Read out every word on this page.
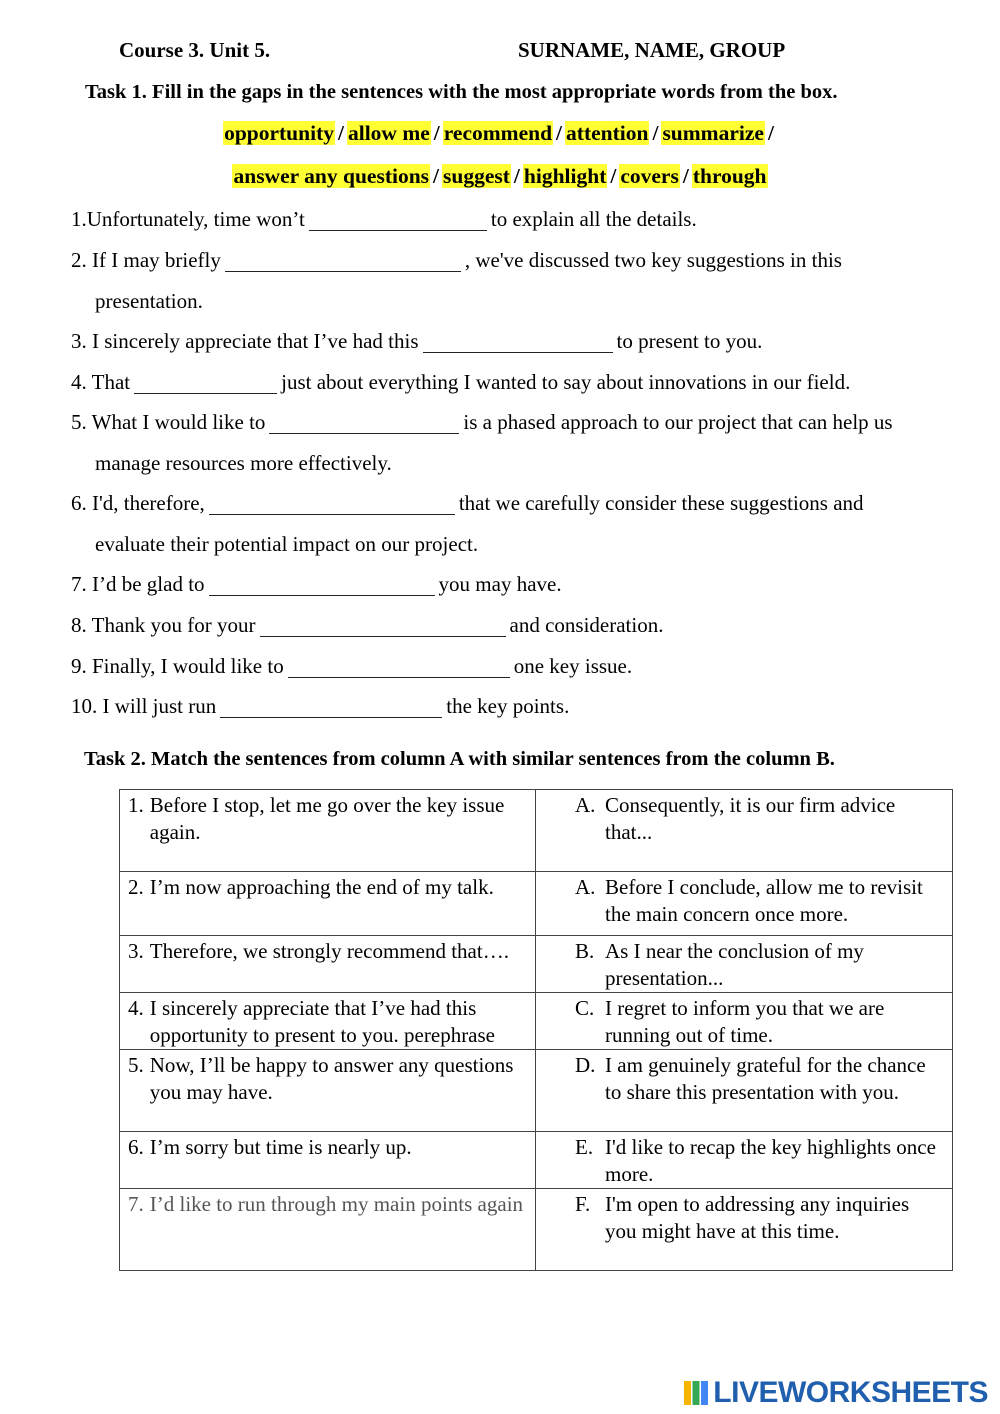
Course 3. Unit 5.	SURNAME, NAME, GROUP
Task 1. Fill in the gaps in the sentences with the most appropriate words from the box.
opportunity / allow me / recommend / attention / summarize /
answer any questions / suggest / highlight / covers / through
1.Unfortunately, time won’t	to explain all the details.
2. If I may briefly	, we've discussed two key suggestions in this
presentation.
3. I sincerely appreciate that I’ve had this	to present to you.
4. That	just about everything I wanted to say about innovations in our field.
5. What I would like to	is a phased approach to our project that can help us
manage resources more effectively.
6. I'd, therefore,	that we carefully consider these suggestions and
evaluate their potential impact on our project.
7. I’d be glad to	you may have.
8. Thank you for your	and consideration.
9. Finally, I would like to	one key issue.
10. I will just run	the key points.
Task 2. Match the sentences from column A with similar sentences from the column B.
1. Before I stop, let me go over the key issue again.	A. Consequently, it is our firm advice that...

2. I’m now approaching the end of my talk.	A. Before I conclude, allow me to revisit the main concern once more.

3. Therefore, we strongly recommend that….	B. As I near the conclusion of my presentation...

4. I sincerely appreciate that I’ve had this opportunity to present to you. perephrase	C. I regret to inform you that we are running out of time.

5. Now, I’ll be happy to answer any questions you may have.	D. I am genuinely grateful for the chance to share this presentation with you.

6. I’m sorry but time is nearly up.	E. I'd like to recap the key highlights once more.

7. I’d like to run through my main points again	F. I'm open to addressing any inquiries you might have at this time.
LIVEWORKSHEETS
